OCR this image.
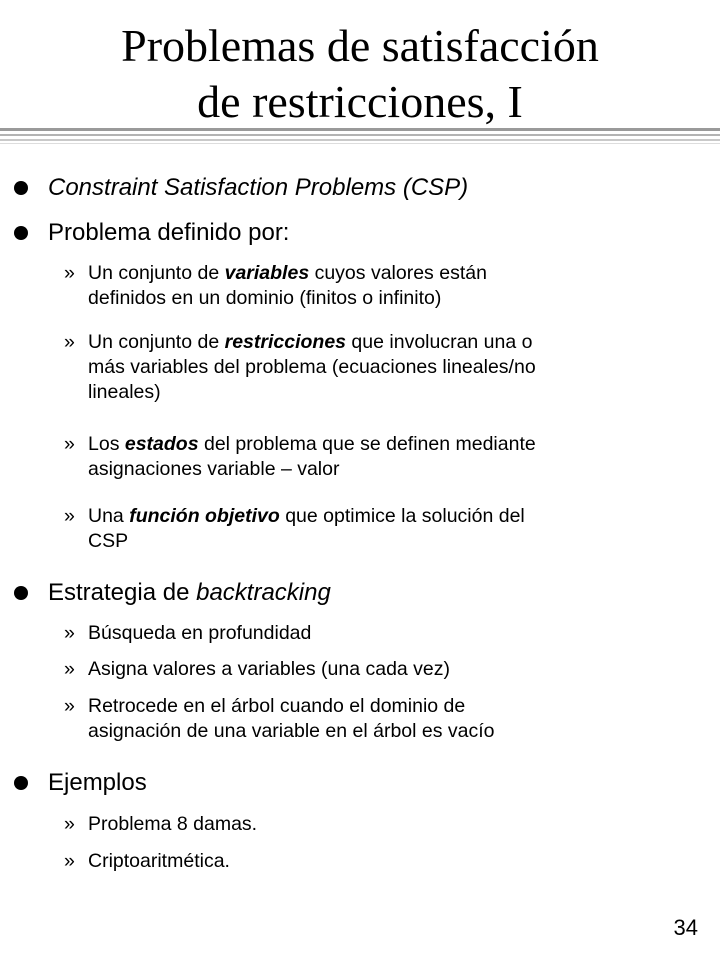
Problemas de satisfacción
de restricciones, I
Constraint Satisfaction Problems (CSP)
Problema definido por:
» Un conjunto de variables cuyos valores están
definidos en un dominio (finitos o infinito)
» Un conjunto de restricciones que involucran una o
más variables del problema (ecuaciones lineales/no
lineales)
» Los estados del problema que se definen mediante
asignaciones variable – valor
» Una función objetivo que optimice la solución del
CSP
Estrategia de backtracking
» Búsqueda en profundidad
» Asigna valores a variables (una cada vez)
» Retrocede en el árbol cuando el dominio de
asignación de una variable en el árbol es vacío
Ejemplos
» Problema 8 damas.
» Criptoaritmética.
34
